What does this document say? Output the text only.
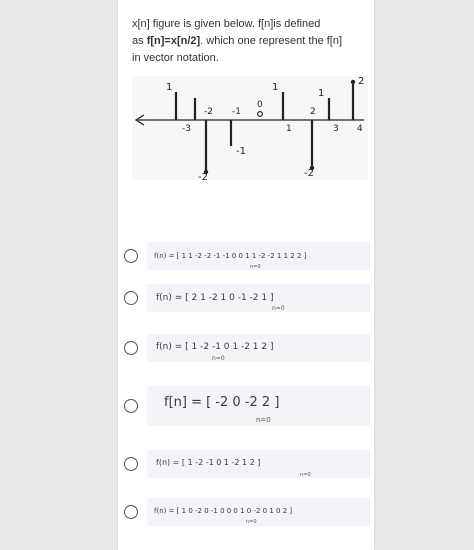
x[n] figure is given below. f[n]is defined
as f[n]=x[n/2]. which one represent the f[n]
in vector notation.
-3
-2 -1
0
1
2
3 4
1	1
1
2
-2
-1
-2
f(n) = [ 1 1 -2 -2 -1 -1 0 0 1 1 -2 -2 1 1 2 2 ]
n=0
f(n) = [ 2 1 -2 1 0 -1 -2 1 ]
n=0
f(n) = [ 1 -2 -1 0 1 -2 1 2 ]
n=0
f[n] = [ -2 0 -2 2 ]
n=0
f(n) = [ 1 -2 -1 0 1 -2 1 2 ]
n=0
f(n) = [ 1 0 -2 0 -1 0 0 0 1 0 -2 0 1 0 2 ]
n=0
